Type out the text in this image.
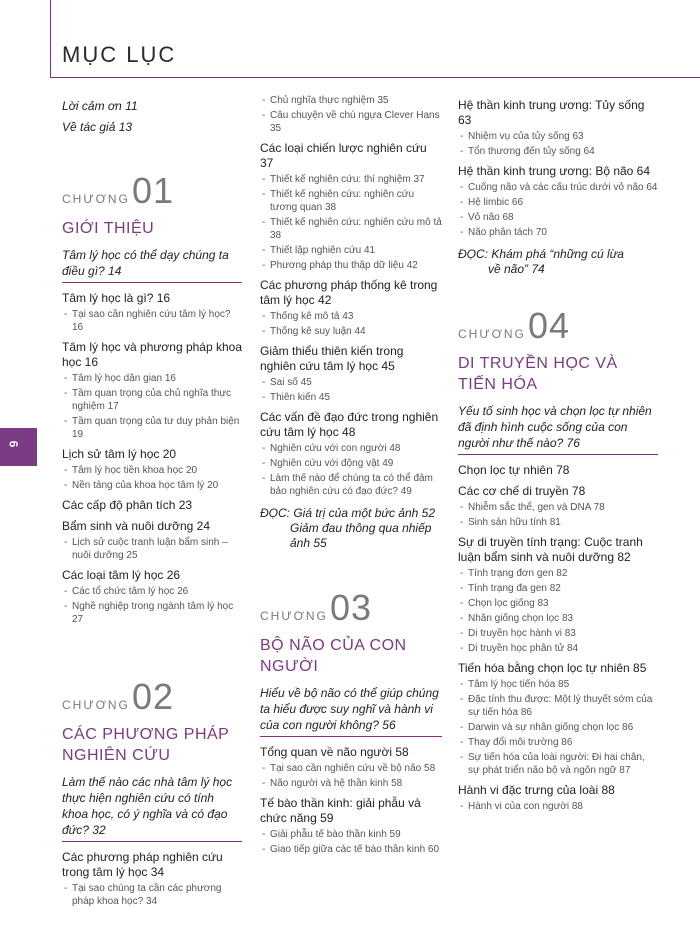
MỤC LỤC
6
Lời cảm ơn 11
Về tác giả 13
CHƯƠNG 01
GIỚI THIỆU
Tâm lý học có thể dạy chúng ta điều gì? 14
Tâm lý học là gì? 16
- Tại sao cần nghiên cứu tâm lý học? 16
Tâm lý học và phương pháp khoa học 16
- Tâm lý học dân gian 16
- Tầm quan trọng của chủ nghĩa thực nghiệm 17
- Tầm quan trọng của tư duy phản biện 19
Lịch sử tâm lý học 20
- Tâm lý học tiền khoa học 20
- Nền tảng của khoa học tâm lý 20
Các cấp độ phân tích 23
Bẩm sinh và nuôi dưỡng 24
- Lịch sử cuộc tranh luận bẩm sinh – nuôi dưỡng 25
Các loại tâm lý học 26
- Các tổ chức tâm lý học 26
- Nghề nghiệp trong ngành tâm lý học 27
CHƯƠNG 02
CÁC PHƯƠNG PHÁP NGHIÊN CỨU
Làm thế nào các nhà tâm lý học thực hiện nghiên cứu có tính khoa học, có ý nghĩa và có đạo đức? 32
Các phương pháp nghiên cứu trong tâm lý học 34
- Tại sao chúng ta cần các phương pháp khoa học? 34
- Chủ nghĩa thực nghiệm 35
- Câu chuyện về chú ngựa Clever Hans 35
Các loại chiến lược nghiên cứu 37
- Thiết kế nghiên cứu: thí nghiệm 37
- Thiết kế nghiên cứu: nghiên cứu tương quan 38
- Thiết kế nghiên cứu: nghiên cứu mô tả 38
- Thiết lập nghiên cứu 41
- Phương pháp thu thập dữ liệu 42
Các phương pháp thống kê trong tâm lý học 42
- Thống kê mô tả 43
- Thống kê suy luận 44
Giảm thiểu thiên kiến trong nghiên cứu tâm lý học 45
- Sai số 45
- Thiên kiến 45
Các vấn đề đạo đức trong nghiên cứu tâm lý học 48
- Nghiên cứu với con người 48
- Nghiên cứu với động vật 49
- Làm thế nào để chúng ta có thể đảm bảo nghiên cứu có đạo đức? 49
ĐỌC: Giá trị của một bức ảnh 52
Giảm đau thông qua nhiếp ảnh 55
CHƯƠNG 03
BỘ NÃO CỦA CON NGƯỜI
Hiểu về bộ não có thể giúp chúng ta hiểu được suy nghĩ và hành vi của con người không? 56
Tổng quan về não người 58
- Tại sao cần nghiên cứu về bộ não 58
- Não người và hệ thần kinh 58
Tế bào thần kinh: giải phẫu và chức năng 59
- Giải phẫu tế bào thần kinh 59
- Giao tiếp giữa các tế bào thần kinh 60
Hệ thần kinh trung ương: Tủy sống 63
- Nhiệm vụ của tủy sống 63
- Tổn thương đến tủy sống 64
Hệ thần kinh trung ương: Bộ não 64
- Cuống não và các cấu trúc dưới vỏ não 64
- Hệ limbic 66
- Vỏ não 68
- Não phân tách 70
ĐỌC: Khám phá “những cú lừa
về não” 74
CHƯƠNG 04
DI TRUYỀN HỌC VÀ TIẾN HÓA
Yếu tố sinh học và chọn lọc tự nhiên đã định hình cuộc sống của con người như thế nào? 76
Chọn lọc tự nhiên 78
Các cơ chế di truyền 78
- Nhiễm sắc thể, gen và DNA 78
- Sinh sản hữu tính 81
Sự di truyền tính trạng: Cuộc tranh luận bẩm sinh và nuôi dưỡng 82
- Tính trạng đơn gen 82
- Tính trạng đa gen 82
- Chọn lọc giống 83
- Nhân giống chọn lọc 83
- Di truyền học hành vi 83
- Di truyền học phân tử 84
Tiến hóa bằng chọn lọc tự nhiên 85
- Tâm lý học tiến hóa 85
- Đặc tính thu được: Một lý thuyết sớm của sự tiến hóa 86
- Darwin và sự nhân giống chọn lọc 86
- Thay đổi môi trường 86
- Sự tiến hóa của loài người: Đi hai chân, sự phát triển não bộ và ngôn ngữ 87
Hành vi đặc trưng của loài 88
- Hành vi của con người 88
